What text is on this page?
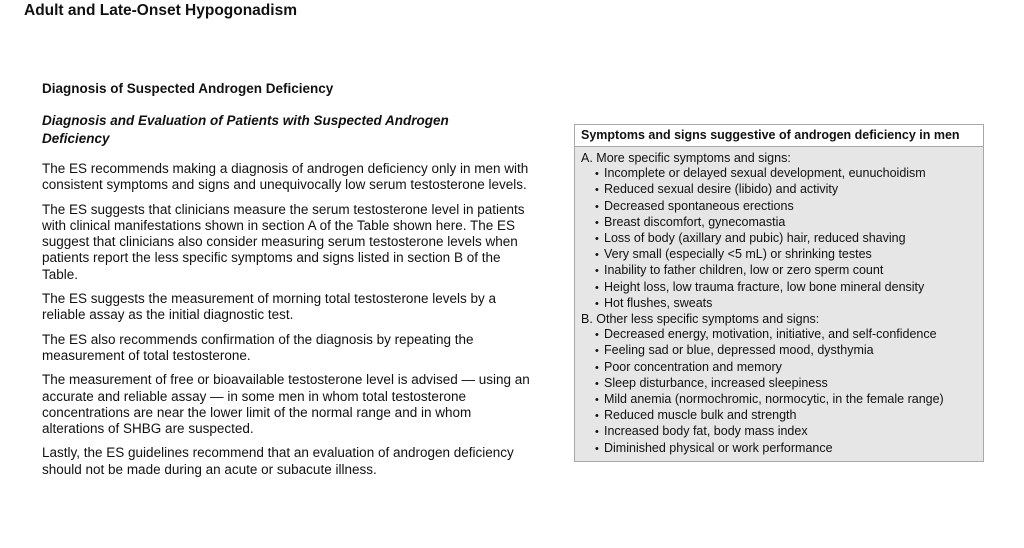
Adult and Late-Onset Hypogonadism
Diagnosis of Suspected Androgen Deficiency
Diagnosis and Evaluation of Patients with Suspected Androgen Deficiency

The ES recommends making a diagnosis of androgen deficiency only in men with consistent symptoms and signs and unequivocally low serum testosterone levels.

The ES suggests that clinicians measure the serum testosterone level in patients with clinical manifestations shown in section A of the Table shown here. The ES suggest that clinicians also consider measuring serum testosterone levels when patients report the less specific symptoms and signs listed in section B of the Table.

The ES suggests the measurement of morning total testosterone levels by a reliable assay as the initial diagnostic test.

The ES also recommends confirmation of the diagnosis by repeating the measurement of total testosterone.

The measurement of free or bioavailable testosterone level is advised — using an accurate and reliable assay — in some men in whom total testosterone concentrations are near the lower limit of the normal range and in whom alterations of SHBG are suspected.

Lastly, the ES guidelines recommend that an evaluation of androgen deficiency should not be made during an acute or subacute illness.

Symptoms and signs suggestive of androgen deficiency in men
A. More specific symptoms and signs:
• Incomplete or delayed sexual development, eunuchoidism
• Reduced sexual desire (libido) and activity
• Decreased spontaneous erections
• Breast discomfort, gynecomastia
• Loss of body (axillary and pubic) hair, reduced shaving
• Very small (especially <5 mL) or shrinking testes
• Inability to father children, low or zero sperm count
• Height loss, low trauma fracture, low bone mineral density
• Hot flushes, sweats
B. Other less specific symptoms and signs:
• Decreased energy, motivation, initiative, and self-confidence
• Feeling sad or blue, depressed mood, dysthymia
• Poor concentration and memory
• Sleep disturbance, increased sleepiness
• Mild anemia (normochromic, normocytic, in the female range)
• Reduced muscle bulk and strength
• Increased body fat, body mass index
• Diminished physical or work performance
